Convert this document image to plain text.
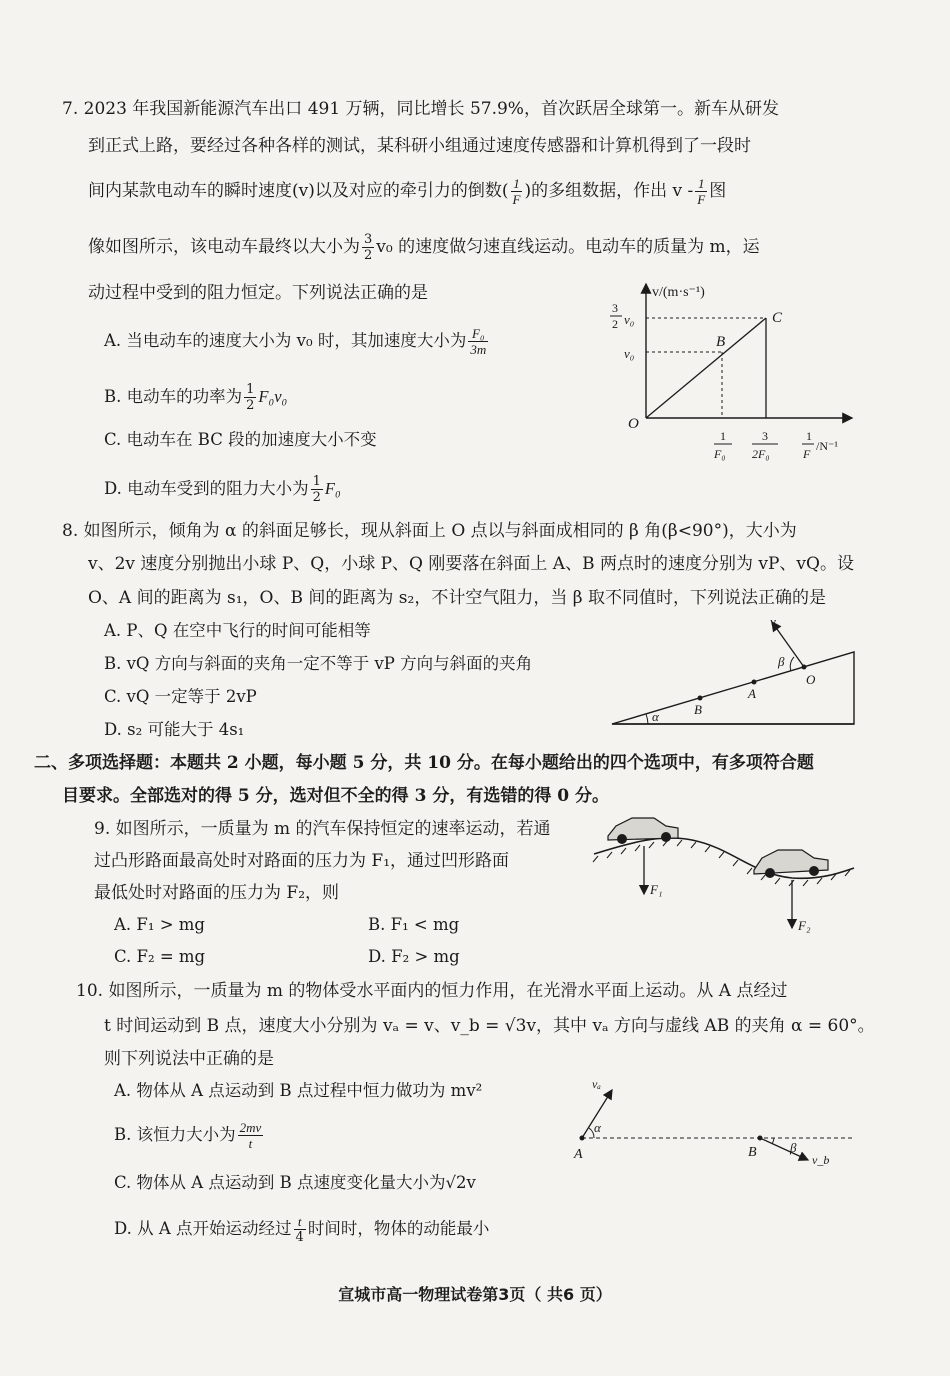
7. 2023 年我国新能源汽车出口 491 万辆，同比增长 57.9%，首次跃居全球第一。新车从研发
到正式上路，要经过各种各样的测试，某科研小组通过速度传感器和计算机得到了一段时
间内某款电动车的瞬时速度(v)以及对应的牵引力的倒数( $\frac{1}{F}$ )的多组数据，作出 v - $\frac{1}{F}$ 图
像如图所示，该电动车最终以大小为 $\frac{3}{2} v_0$ 的速度做匀速直线运动。电动车的质量为 m，运
动过程中受到的阻力恒定。下列说法正确的是
A. 当电动车的速度大小为 v₀ 时，其加速度大小为 $\frac{\text{F₀}}{3m}$
B. 电动车的功率为 $\frac{1}{2} F_0v_0$
C. 电动车在 BC 段的加速度大小不变
D. 电动车受到的阻力大小为 $\frac{1}{2} F_0$
v/(m·s⁻¹)
3
2 v₀
v₀
O
B
C
1
F₀
3
2F₀
1
F
/N⁻¹
8. 如图所示，倾角为 α 的斜面足够长，现从斜面上 O 点以与斜面成相同的 β 角(β<90°)，大小为
v、2v 速度分别抛出小球 P、Q，小球 P、Q 刚要落在斜面上 A、B 两点时的速度分别为 vP、vQ。设
O、A 间的距离为 s₁，O、B 间的距离为 s₂，不计空气阻力，当 β 取不同值时，下列说法正确的是
A. P、Q 在空中飞行的时间可能相等
B. vQ 方向与斜面的夹角一定不等于 vP 方向与斜面的夹角
C. vQ 一定等于 2vP
D. s₂ 可能大于 4s₁
α	B
A
O
v
β
二、多项选择题：本题共 2 小题，每小题 5 分，共 10 分。在每小题给出的四个选项中，有多项符合题
目要求。全部选对的得 5 分，选对但不全的得 3 分，有选错的得 0 分。
9. 如图所示，一质量为 m 的汽车保持恒定的速率运动，若通
过凸形路面最高处时对路面的压力为 F₁，通过凹形路面
最低处时对路面的压力为 F₂，则
A. F₁ > mg	B. F₁ < mg
C. F₂ = mg	D. F₂ > mg
F₁
F₂
10. 如图所示，一质量为 m 的物体受水平面内的恒力作用，在光滑水平面上运动。从 A 点经过
t 时间运动到 B 点，速度大小分别为 vₐ = v、v_b = √3v，其中 vₐ 方向与虚线 AB 的夹角 α = 60°。
则下列说法中正确的是
A. 物体从 A 点运动到 B 点过程中恒力做功为 mv²
B. 该恒力大小为 $\frac{2mv}{t}$
C. 物体从 A 点运动到 B 点速度变化量大小为√2v
D. 从 A 点开始运动经过 $\frac{t}{4}$ 时间时，物体的动能最小
A
vₐ
α
B	β
v_b
宣城市高一物理试卷第3页（ 共6 页）
